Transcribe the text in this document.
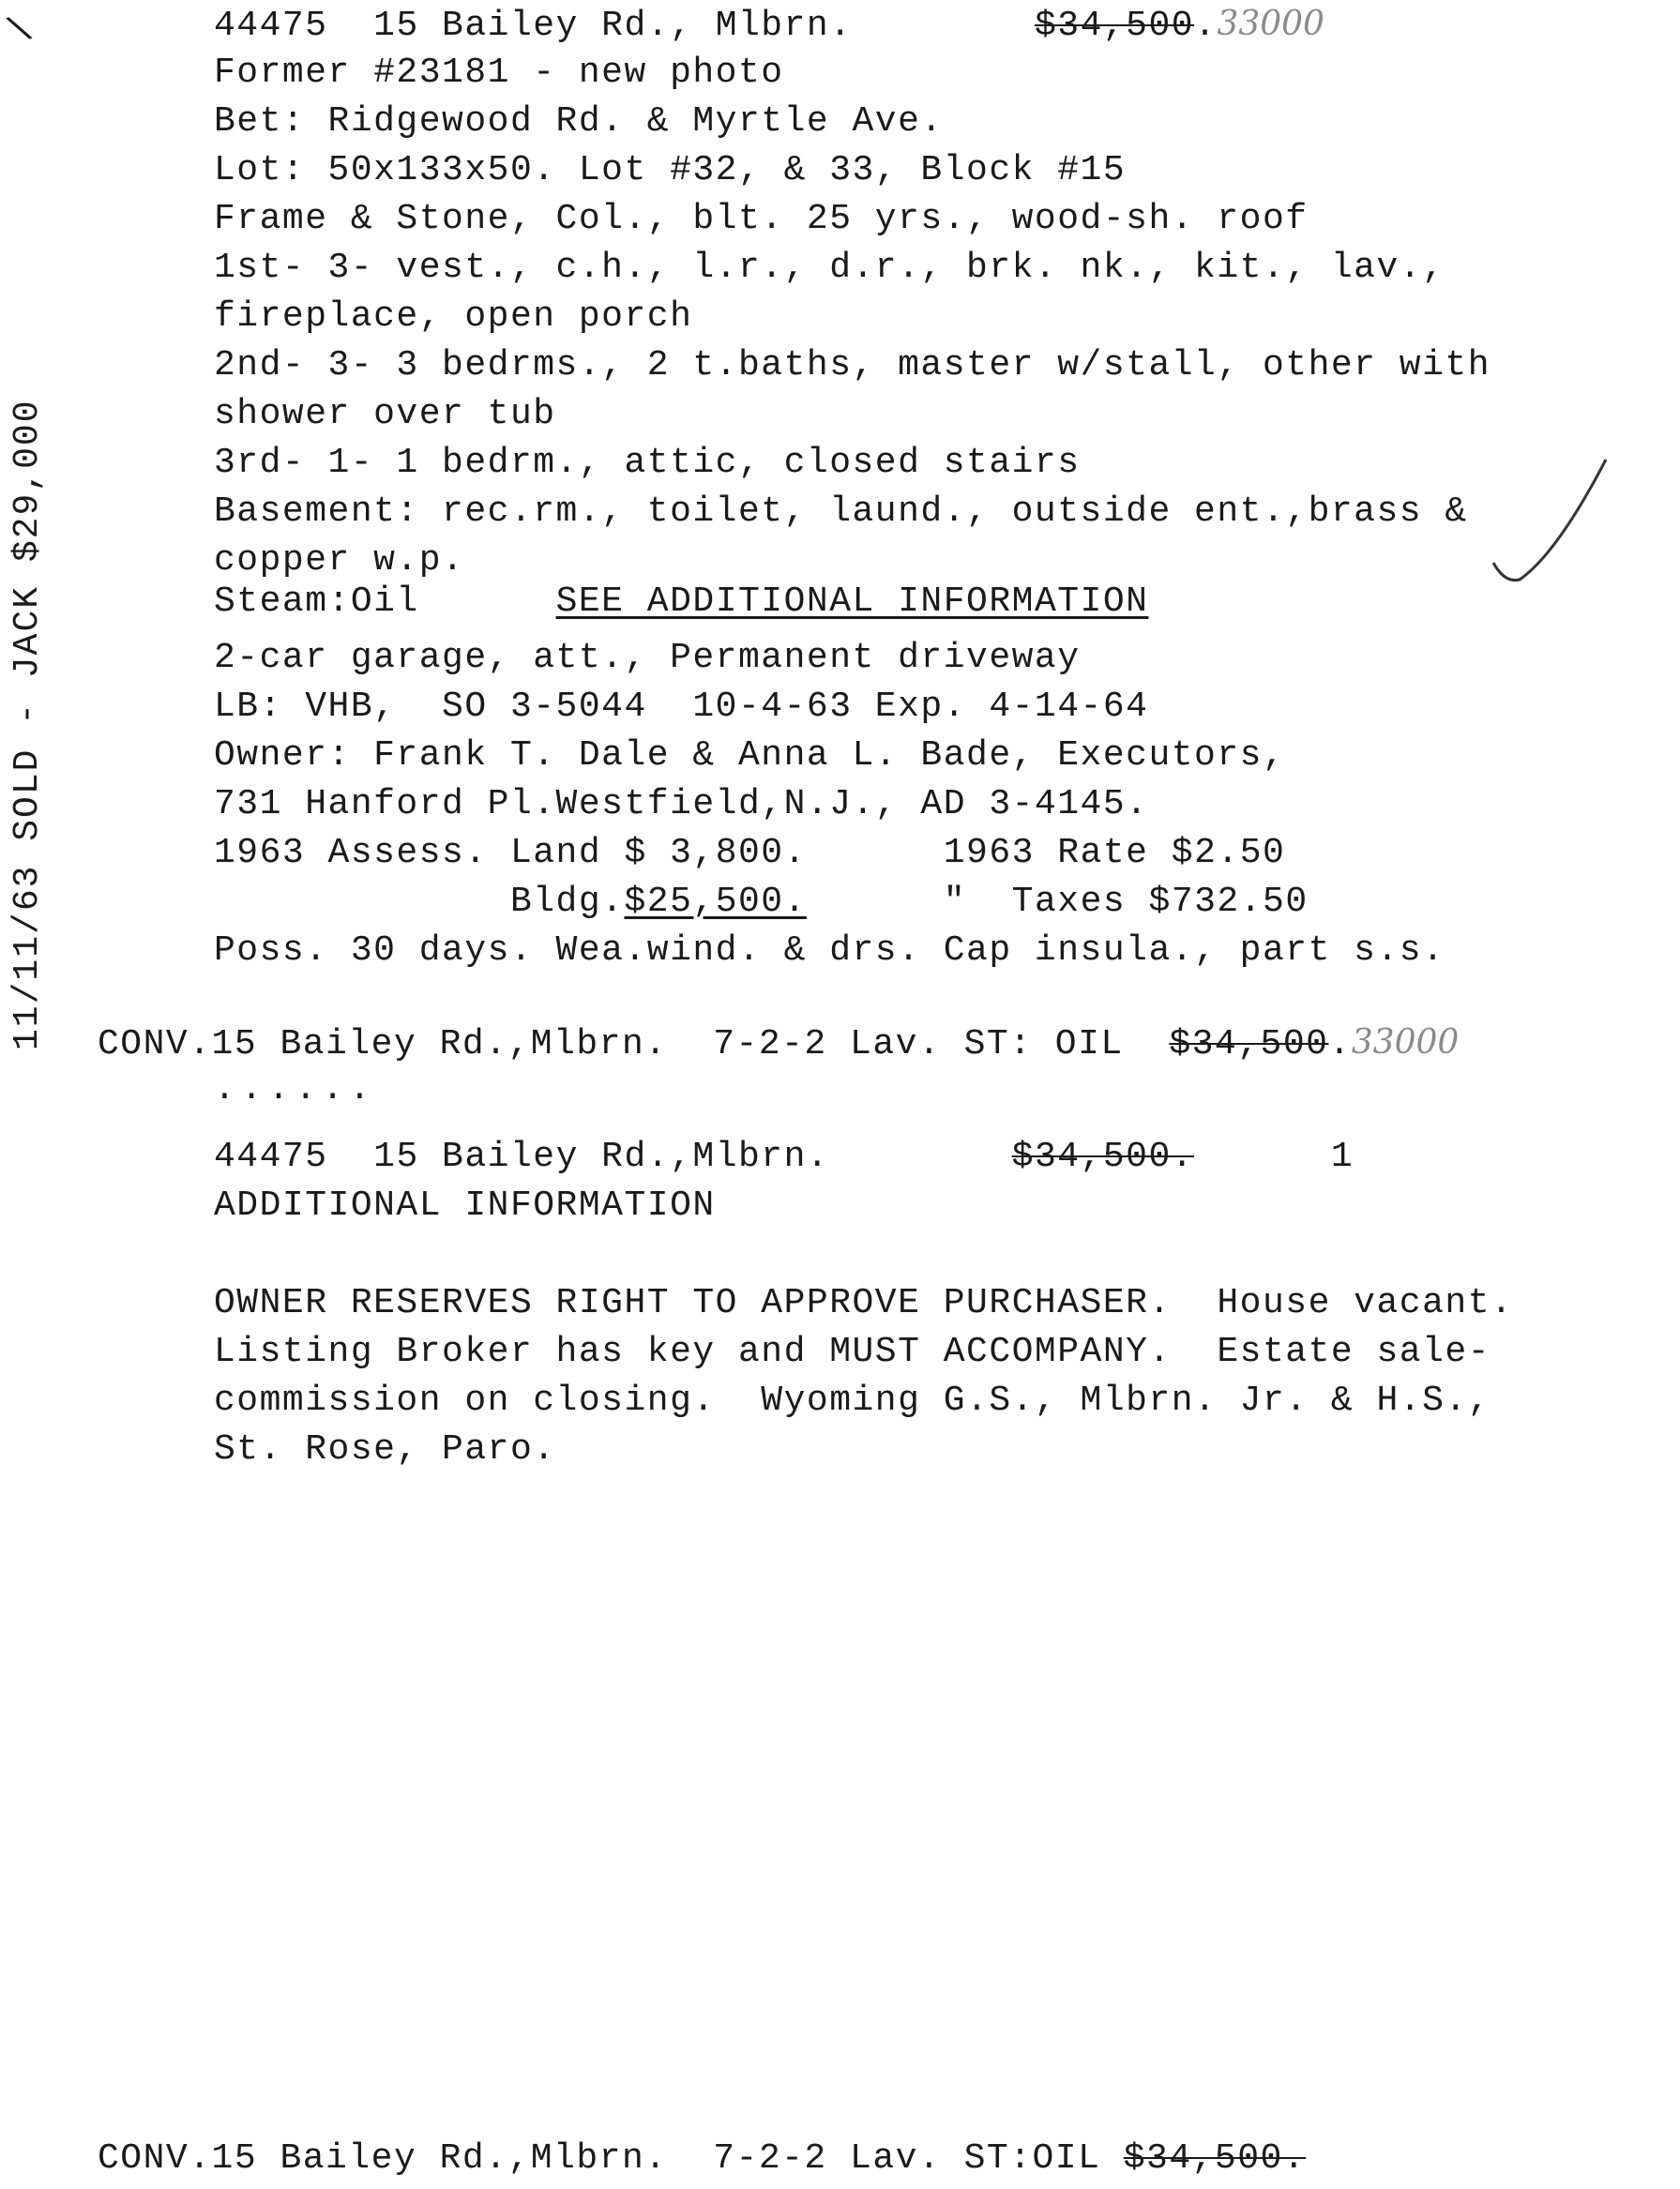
11/11/63 SOLD - JACK $29,000
\	44475 15 Bailey Rd., Mlbrn.	$34,500.33000
Former #23181 - new photo
Bet: Ridgewood Rd. & Myrtle Ave.
Lot: 50x133x50. Lot #32, & 33, Block #15
Frame & Stone, Col., blt. 25 yrs., wood-sh. roof
1st- 3- vest., c.h., l.r., d.r., brk. nk., kit., lav.,
fireplace, open porch
2nd- 3- 3 bedrms., 2 t.baths, master w/stall, other with
shower over tub
3rd- 1- 1 bedrm., attic, closed stairs
Basement: rec.rm., toilet, laund., outside ent.,brass &
copper w.p.
Steam:Oil	SEE ADDITIONAL INFORMATION
2-car garage, att., Permanent driveway
LB: VHB,  SO 3-5044  10-4-63 Exp. 4-14-64
Owner: Frank T. Dale & Anna L. Bade, Executors,
731 Hanford Pl.Westfield,N.J., AD 3-4145.
1963 Assess. Land $ 3,800.	1963 Rate $2.50
Bldg.$25,500.	" Taxes $732.50
Poss. 30 days. Wea.wind. & drs. Cap insula., part s.s.
CONV.15 Bailey Rd.,Mlbrn. 7-2-2 Lav. ST: OIL $34,500.33000
......
44475 15 Bailey Rd.,Mlbrn.	$34,500.	1
ADDITIONAL INFORMATION
OWNER RESERVES RIGHT TO APPROVE PURCHASER.  House vacant.
Listing Broker has key and MUST ACCOMPANY.  Estate sale-
commission on closing.  Wyoming G.S., Mlbrn. Jr. & H.S.,
St. Rose, Paro.
CONV.15 Bailey Rd.,Mlbrn. 7-2-2 Lav. ST:OIL $34,500.
